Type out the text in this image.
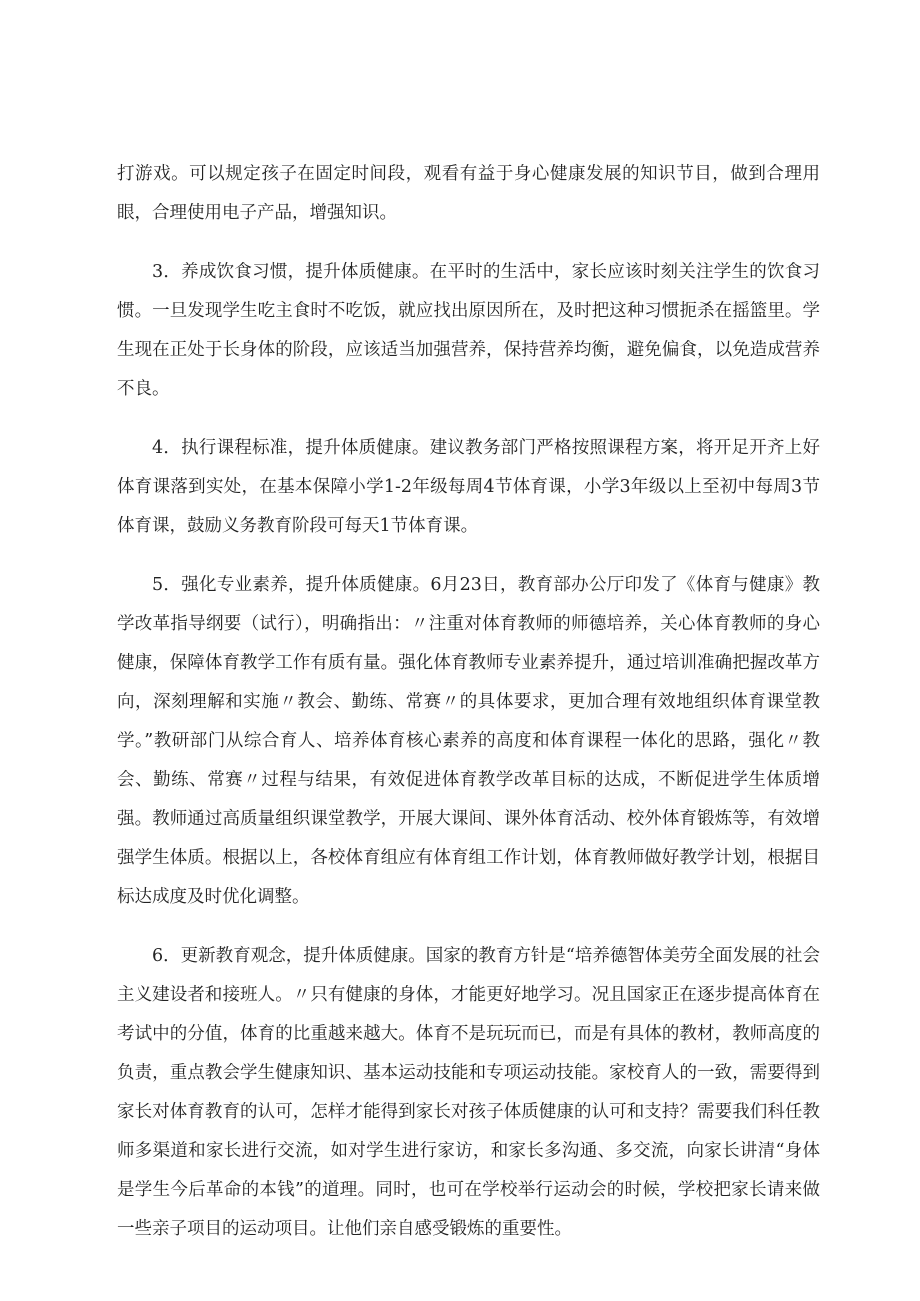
打游戏。可以规定孩子在固定时间段，观看有益于身心健康发展的知识节目，做到合理用眼，合理使用电子产品，增强知识。

3．养成饮食习惯，提升体质健康。在平时的生活中，家长应该时刻关注学生的饮食习惯。一旦发现学生吃主食时不吃饭，就应找出原因所在，及时把这种习惯扼杀在摇篮里。学生现在正处于长身体的阶段，应该适当加强营养，保持营养均衡，避免偏食，以免造成营养不良。

4．执行课程标准，提升体质健康。建议教务部门严格按照课程方案，将开足开齐上好体育课落到实处，在基本保障小学1-2年级每周4节体育课，小学3年级以上至初中每周3节体育课，鼓励义务教育阶段可每天1节体育课。

5．强化专业素养，提升体质健康。6月23日，教育部办公厅印发了《体育与健康》教学改革指导纲要（试行），明确指出：〃注重对体育教师的师德培养，关心体育教师的身心健康，保障体育教学工作有质有量。强化体育教师专业素养提升，通过培训准确把握改革方向，深刻理解和实施〃教会、勤练、常赛〃的具体要求，更加合理有效地组织体育课堂教学。”教研部门从综合育人、培养体育核心素养的高度和体育课程一体化的思路，强化〃教会、勤练、常赛〃过程与结果，有效促进体育教学改革目标的达成，不断促进学生体质增强。教师通过高质量组织课堂教学，开展大课间、课外体育活动、校外体育锻炼等，有效增强学生体质。根据以上，各校体育组应有体育组工作计划，体育教师做好教学计划，根据目标达成度及时优化调整。

6．更新教育观念，提升体质健康。国家的教育方针是“培养德智体美劳全面发展的社会主义建设者和接班人。〃只有健康的身体，才能更好地学习。况且国家正在逐步提高体育在考试中的分值，体育的比重越来越大。体育不是玩玩而已，而是有具体的教材，教师高度的负责，重点教会学生健康知识、基本运动技能和专项运动技能。家校育人的一致，需要得到家长对体育教育的认可，怎样才能得到家长对孩子体质健康的认可和支持？需要我们科任教师多渠道和家长进行交流，如对学生进行家访，和家长多沟通、多交流，向家长讲清“身体是学生今后革命的本钱”的道理。同时，也可在学校举行运动会的时候，学校把家长请来做一些亲子项目的运动项目。让他们亲自感受锻炼的重要性。
